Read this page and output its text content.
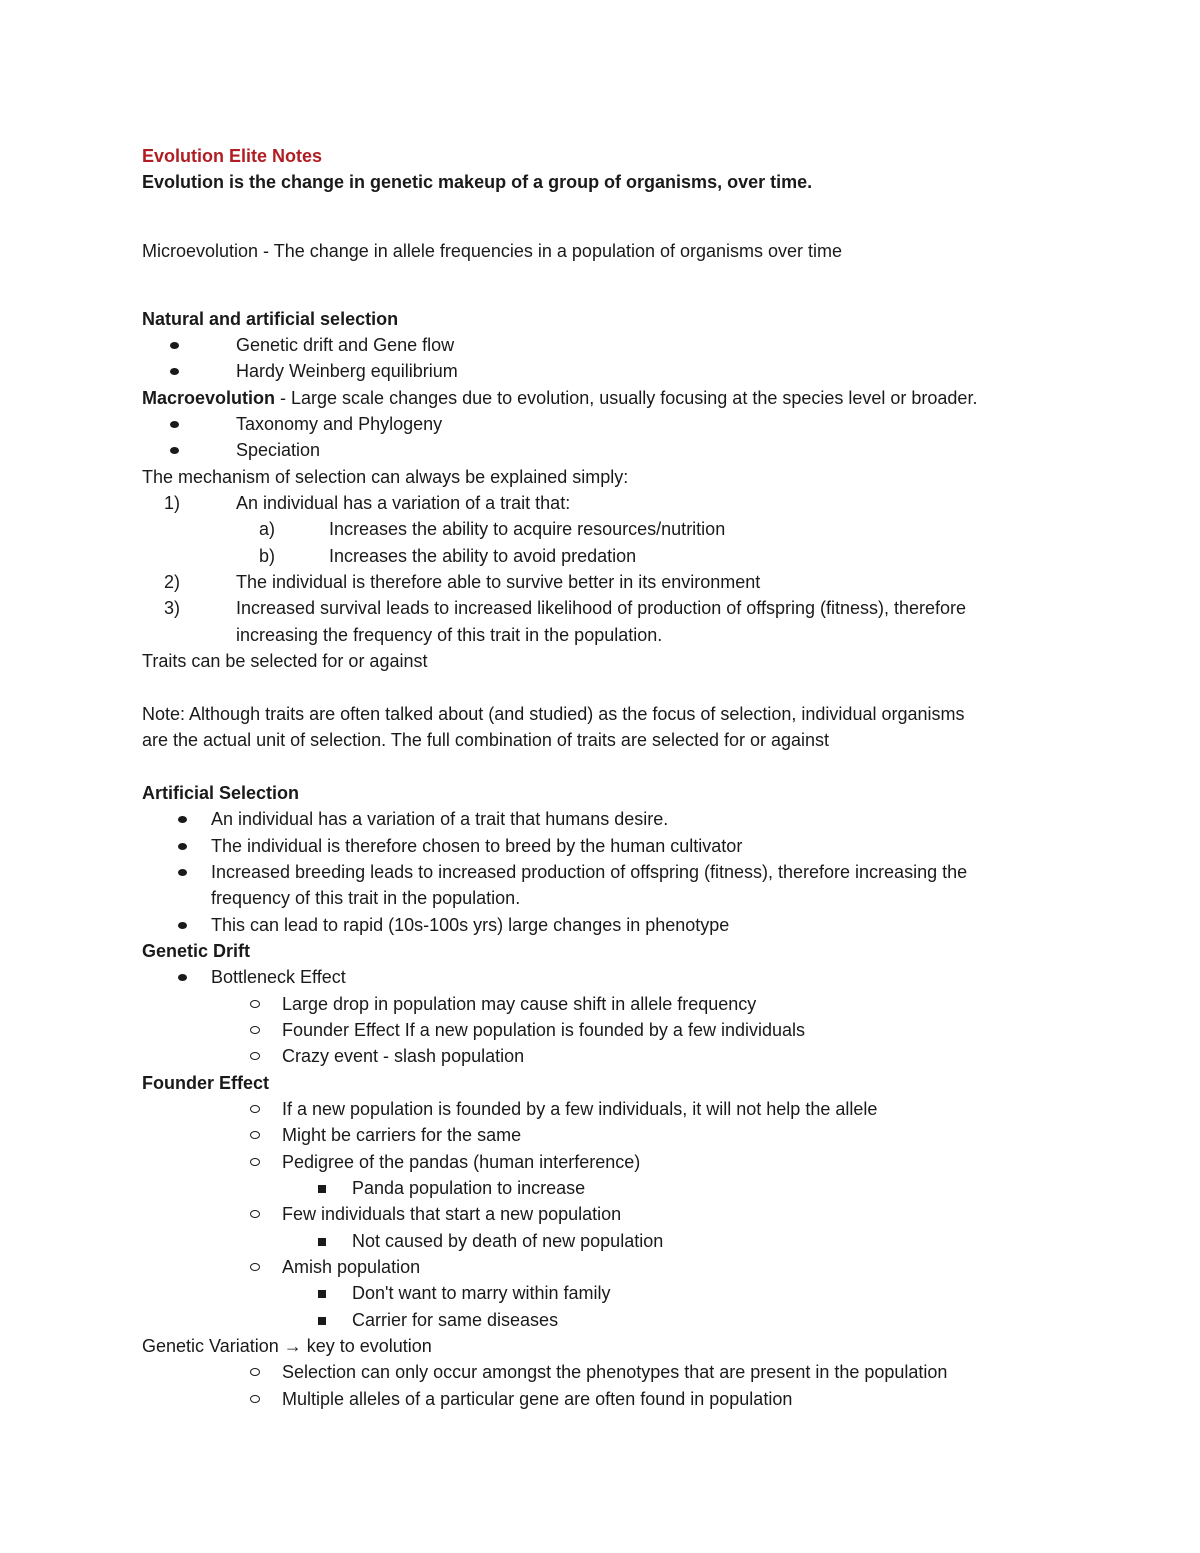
Evolution Elite Notes
Evolution is the change in genetic makeup of a group of organisms, over time.
Microevolution - The change in allele frequencies in a population of organisms over time
Natural and artificial selection
Genetic drift and Gene flow
Hardy Weinberg equilibrium
Macroevolution - Large scale changes due to evolution, usually focusing at the species level or broader.
Taxonomy and Phylogeny
Speciation
The mechanism of selection can always be explained simply:
1)	An individual has a variation of a trait that:
a)	Increases the ability to acquire resources/nutrition
b)	Increases the ability to avoid predation
2)	The individual is therefore able to survive better in its environment
3)	Increased survival leads to increased likelihood of production of offspring (fitness), therefore
increasing the frequency of this trait in the population.
Traits can be selected for or against
Note: Although traits are often talked about (and studied) as the focus of selection, individual organisms
are the actual unit of selection. The full combination of traits are selected for or against
Artificial Selection
An individual has a variation of a trait that humans desire.
The individual is therefore chosen to breed by the human cultivator
Increased breeding leads to increased production of offspring (fitness), therefore increasing the
frequency of this trait in the population.
This can lead to rapid (10s-100s yrs) large changes in phenotype
Genetic Drift
Bottleneck Effect
Large drop in population may cause shift in allele frequency
Founder Effect If a new population is founded by a few individuals
Crazy event - slash population
Founder Effect
If a new population is founded by a few individuals, it will not help the allele
Might be carriers for the same
Pedigree of the pandas (human interference)
Panda population to increase
Few individuals that start a new population
Not caused by death of new population
Amish population
Don't want to marry within family
Carrier for same diseases
Genetic Variation → key to evolution
Selection can only occur amongst the phenotypes that are present in the population
Multiple alleles of a particular gene are often found in population
